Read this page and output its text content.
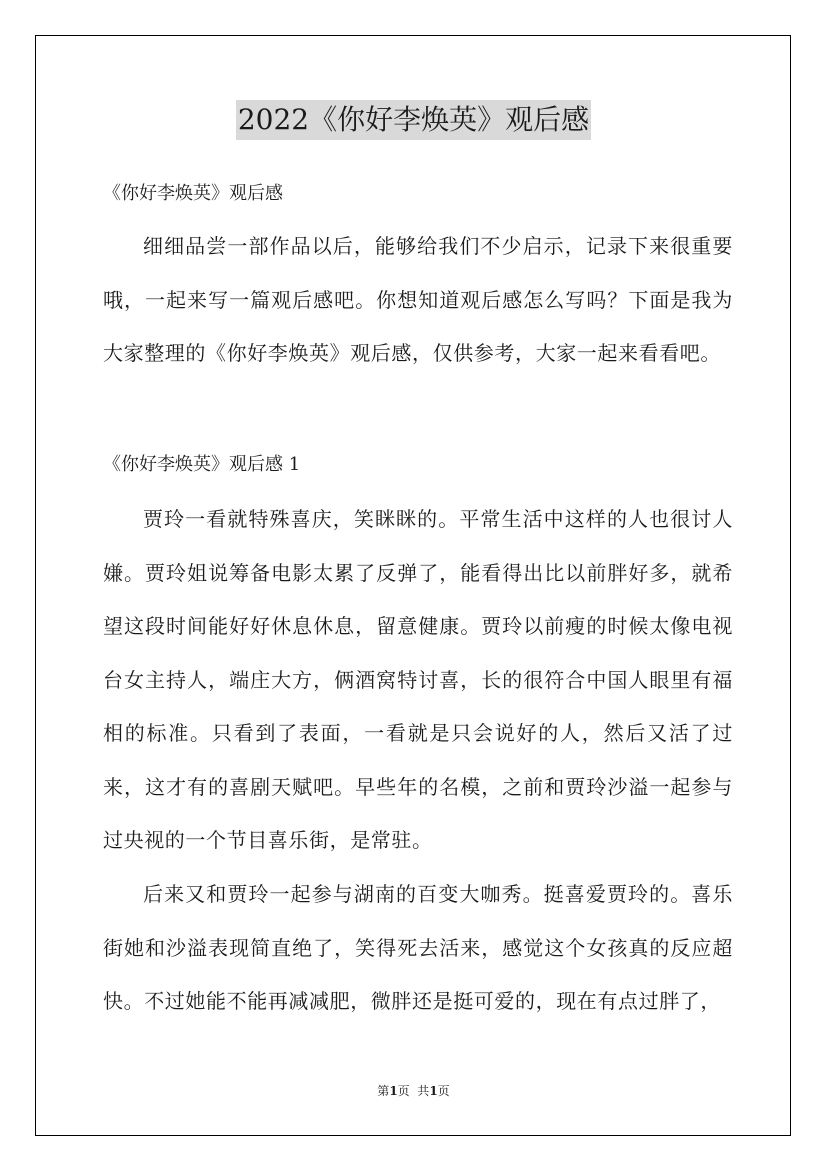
2022《你好李焕英》观后感
《你好李焕英》观后感
细细品尝一部作品以后，能够给我们不少启示，记录下来很重要哦，一起来写一篇观后感吧。你想知道观后感怎么写吗？下面是我为大家整理的《你好李焕英》观后感，仅供参考，大家一起来看看吧。
《你好李焕英》观后感 1
贾玲一看就特殊喜庆，笑眯眯的。平常生活中这样的人也很讨人嫌。贾玲姐说筹备电影太累了反弹了，能看得出比以前胖好多，就希望这段时间能好好休息休息，留意健康。贾玲以前瘦的时候太像电视台女主持人，端庄大方，俩酒窝特讨喜，长的很符合中国人眼里有福相的标准。只看到了表面，一看就是只会说好的人，然后又活了过来，这才有的喜剧天赋吧。早些年的名模，之前和贾玲沙溢一起参与过央视的一个节目喜乐街，是常驻。
后来又和贾玲一起参与湖南的百变大咖秀。挺喜爱贾玲的。喜乐街她和沙溢表现简直绝了，笑得死去活来，感觉这个女孩真的反应超快。不过她能不能再减减肥，微胖还是挺可爱的，现在有点过胖了，
第1页  共1页
